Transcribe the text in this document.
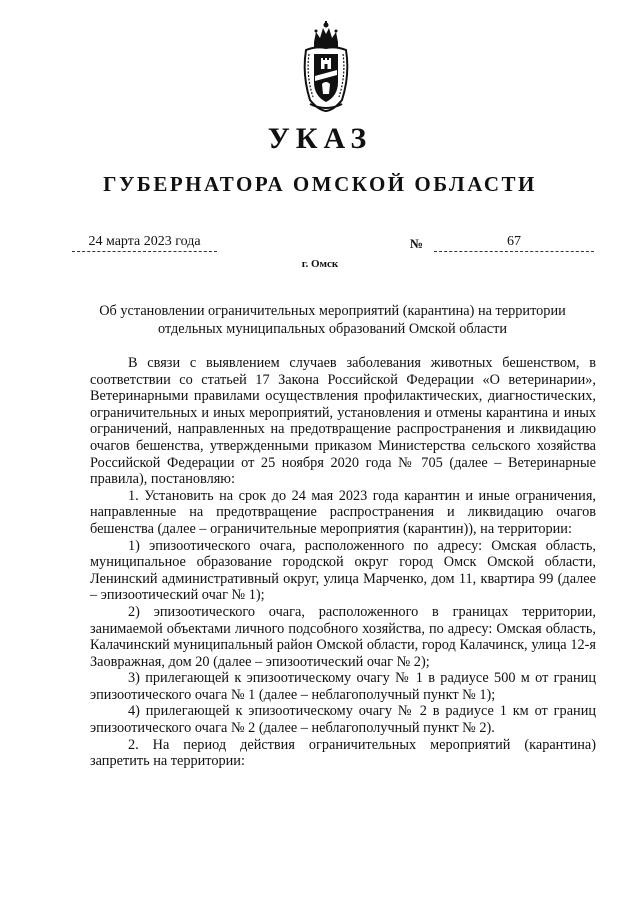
УКАЗ
ГУБЕРНАТОРА ОМСКОЙ ОБЛАСТИ
24 марта 2023 года	№	67
г. Омск

Об установлении ограничительных мероприятий (карантина) на территории отдельных муниципальных образований Омской области

В связи с выявлением случаев заболевания животных бешенством, в соответствии со статьей 17 Закона Российской Федерации «О ветеринарии», Ветеринарными правилами осуществления профилактических, диагностических, ограничительных и иных мероприятий, установления и отмены карантина и иных ограничений, направленных на предотвращение распространения и ликвидацию очагов бешенства, утвержденными приказом Министерства сельского хозяйства Российской Федерации от 25 ноября 2020 года № 705 (далее – Ветеринарные правила), постановляю:

1. Установить на срок до 24 мая 2023 года карантин и иные ограничения, направленные на предотвращение распространения и ликвидацию очагов бешенства (далее – ограничительные мероприятия (карантин)), на территории:

1) эпизоотического очага, расположенного по адресу: Омская область, муниципальное образование городской округ город Омск Омской области, Ленинский административный округ, улица Марченко, дом 11, квартира 99 (далее – эпизоотический очаг № 1);

2) эпизоотического очага, расположенного в границах территории, занимаемой объектами личного подсобного хозяйства, по адресу: Омская область, Калачинский муниципальный район Омской области, город Калачинск, улица 12-я Заовражная, дом 20 (далее – эпизоотический очаг № 2);

3) прилегающей к эпизоотическому очагу № 1 в радиусе 500 м от границ эпизоотического очага № 1 (далее – неблагополучный пункт № 1);

4) прилегающей к эпизоотическому очагу № 2 в радиусе 1 км от границ эпизоотического очага № 2 (далее – неблагополучный пункт № 2).

2. На период действия ограничительных мероприятий (карантина) запретить на территории:
